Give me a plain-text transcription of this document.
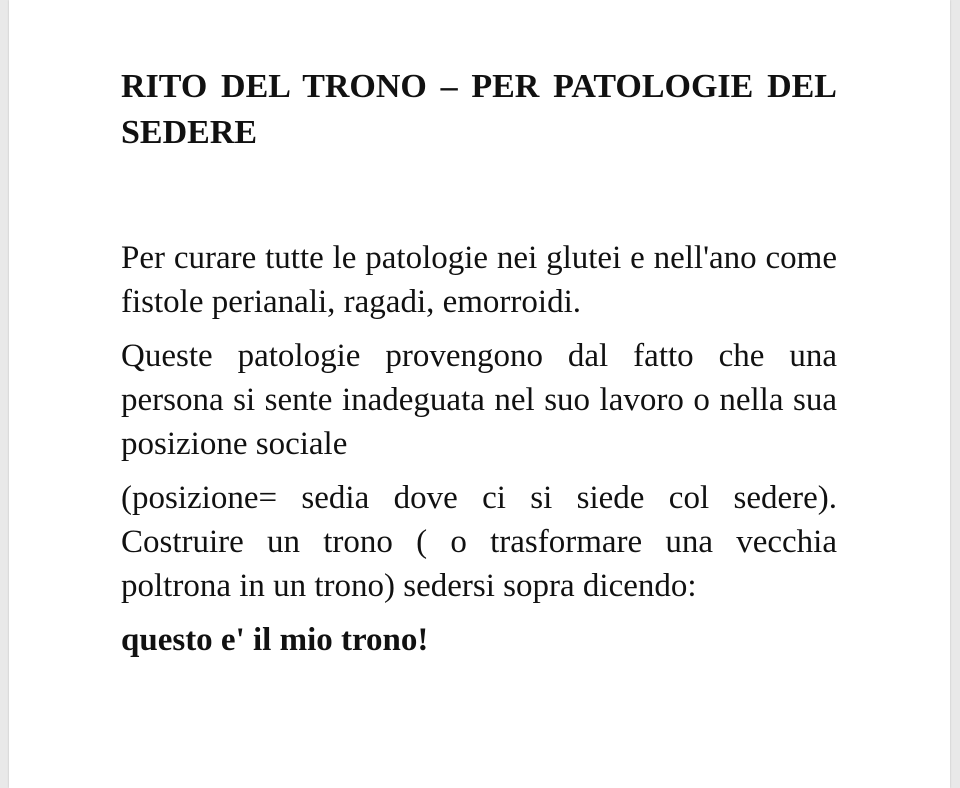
RITO DEL TRONO – PER PATOLOGIE DEL SEDERE

Per curare tutte le patologie nei glutei e nell'ano come fistole perianali, ragadi, emorroidi.

Queste patologie provengono dal fatto che una persona si sente inadeguata nel suo lavoro o nella sua posizione sociale

(posizione= sedia dove ci si siede col sedere). Costruire un trono ( o trasformare una vecchia poltrona in un trono) sedersi sopra dicendo:

questo e' il mio trono!
